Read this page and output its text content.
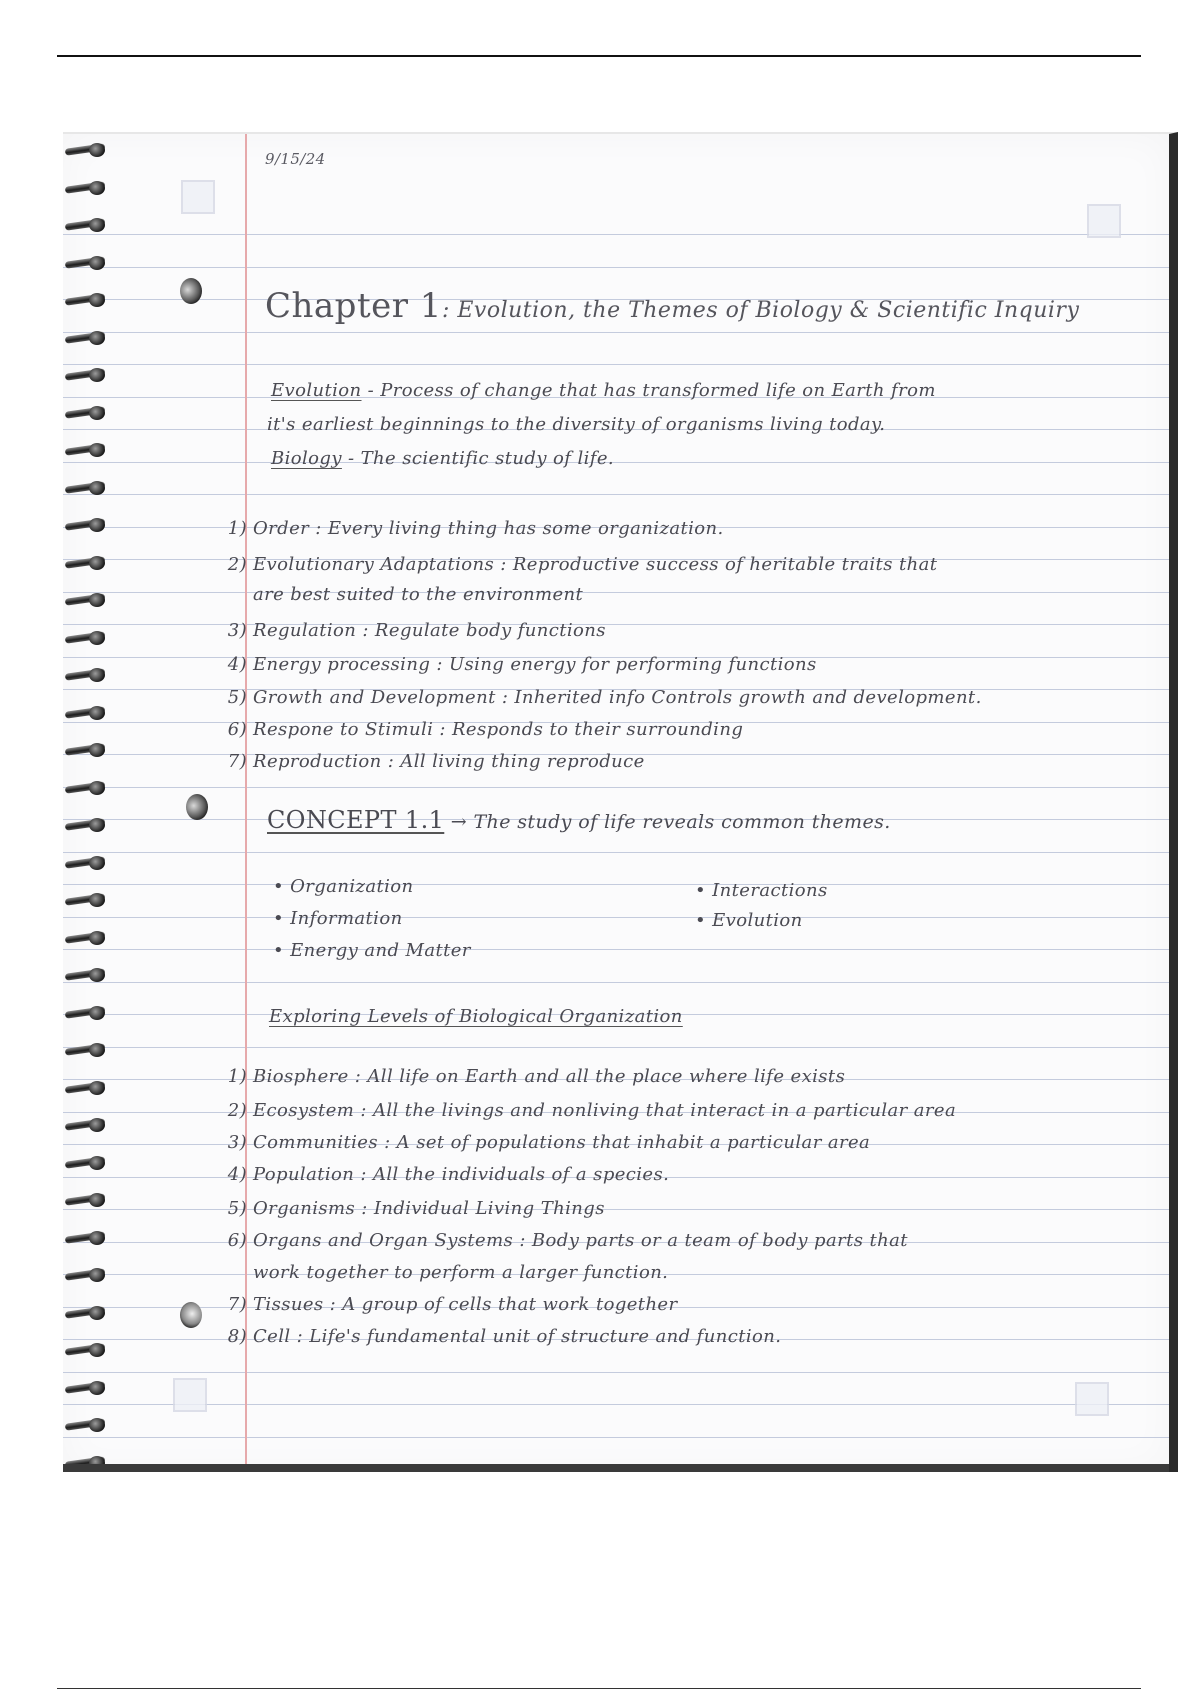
9/15/24
Chapter 1: Evolution, the Themes of Biology & Scientific Inquiry
Evolution - Process of change that has transformed life on Earth from
it's earliest beginnings to the diversity of organisms living today.
Biology - The scientific study of life.
1) Order : Every living thing has some organization.
2) Evolutionary Adaptations : Reproductive success of heritable traits that
are best suited to the environment
3) Regulation : Regulate body functions
4) Energy processing : Using energy for performing functions
5) Growth and Development : Inherited info Controls growth and development.
6) Respone to Stimuli : Responds to their surrounding
7) Reproduction : All living thing reproduce
CONCEPT 1.1 → The study of life reveals common themes.
• Organization
• Information
• Energy and Matter
• Interactions
• Evolution
Exploring Levels of Biological Organization
1) Biosphere : All life on Earth and all the place where life exists
2) Ecosystem : All the livings and nonliving that interact in a particular area
3) Communities : A set of populations that inhabit a particular area
4) Population : All the individuals of a species.
5) Organisms : Individual Living Things
6) Organs and Organ Systems : Body parts or a team of body parts that
work together to perform a larger function.
7) Tissues : A group of cells that work together
8) Cell : Life's fundamental unit of structure and function.
